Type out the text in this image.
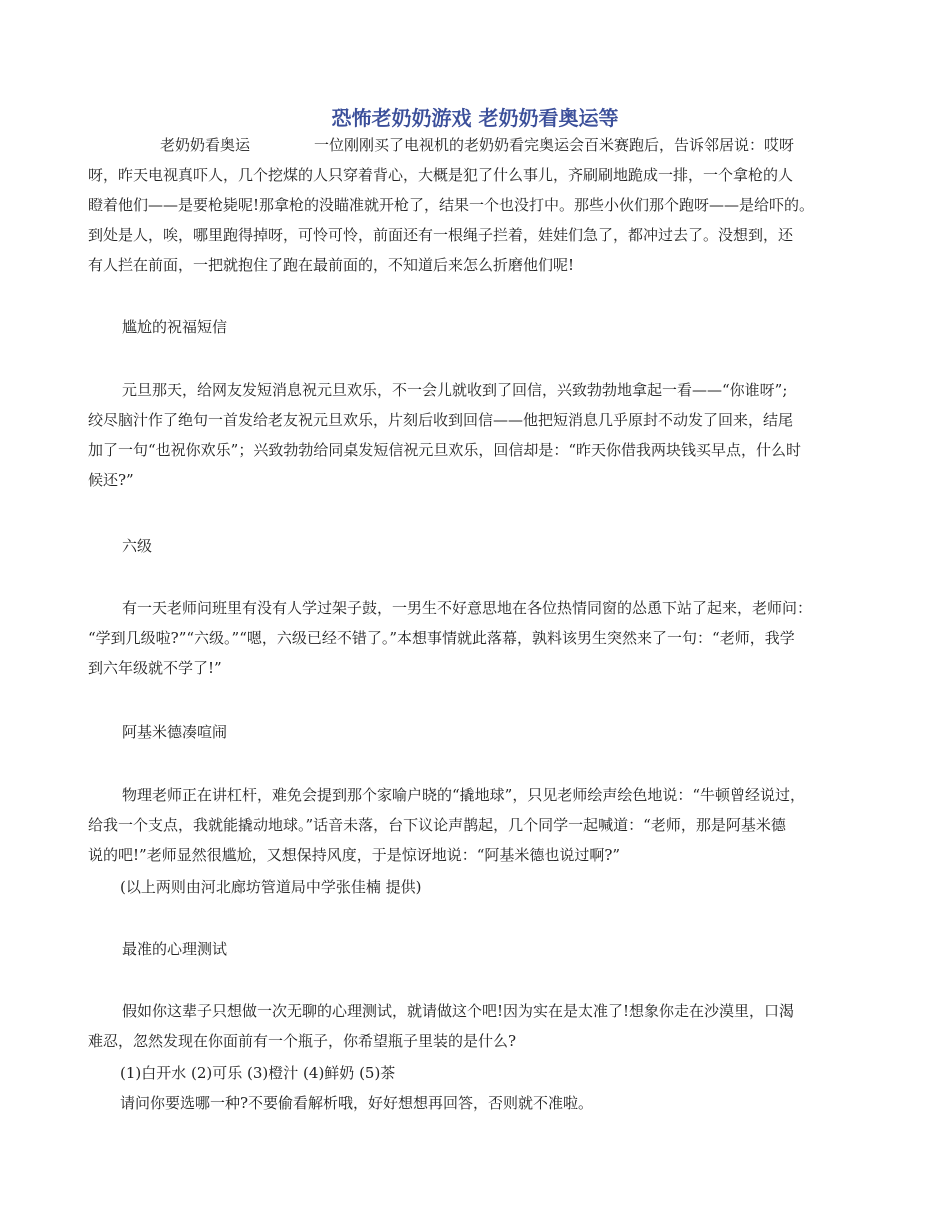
恐怖老奶奶游戏 老奶奶看奥运等

老奶奶看奥运	一位刚刚买了电视机的老奶奶看完奥运会百米赛跑后，告诉邻居说：哎呀

呀，昨天电视真吓人，几个挖煤的人只穿着背心，大概是犯了什么事儿，齐刷刷地跪成一排，一个拿枪的人
瞪着他们——是要枪毙呢!那拿枪的没瞄准就开枪了，结果一个也没打中。那些小伙们那个跑呀——是给吓的。
到处是人，唉，哪里跑得掉呀，可怜可怜，前面还有一根绳子拦着，娃娃们急了，都冲过去了。没想到，还
有人拦在前面，一把就抱住了跑在最前面的，不知道后来怎么折磨他们呢!

尴尬的祝福短信

元旦那天，给网友发短消息祝元旦欢乐，不一会儿就收到了回信，兴致勃勃地拿起一看——“你谁呀”;
绞尽脑汁作了绝句一首发给老友祝元旦欢乐，片刻后收到回信——他把短消息几乎原封不动发了回来，结尾
加了一句“也祝你欢乐”；兴致勃勃给同桌发短信祝元旦欢乐，回信却是：“昨天你借我两块钱买早点，什么时
候还?”

六级

有一天老师问班里有没有人学过架子鼓，一男生不好意思地在各位热情同窗的怂恿下站了起来，老师问：
“学到几级啦?”“六级。”“嗯，六级已经不错了。”本想事情就此落幕，孰料该男生突然来了一句：“老师，我学
到六年级就不学了!”

阿基米德凑喧闹

物理老师正在讲杠杆，难免会提到那个家喻户晓的“撬地球”，只见老师绘声绘色地说：“牛顿曾经说过，
给我一个支点，我就能撬动地球。”话音未落，台下议论声鹊起，几个同学一起喊道：“老师，那是阿基米德
说的吧!”老师显然很尴尬，又想保持风度，于是惊讶地说：“阿基米德也说过啊?”

(以上两则由河北廊坊管道局中学张佳楠 提供)

最准的心理测试

假如你这辈子只想做一次无聊的心理测试，就请做这个吧!因为实在是太准了!想象你走在沙漠里，口渴
难忍，忽然发现在你面前有一个瓶子，你希望瓶子里装的是什么?

(1)白开水 (2)可乐 (3)橙汁 (4)鲜奶 (5)茶

请问你要选哪一种?不要偷看解析哦，好好想想再回答，否则就不准啦。
